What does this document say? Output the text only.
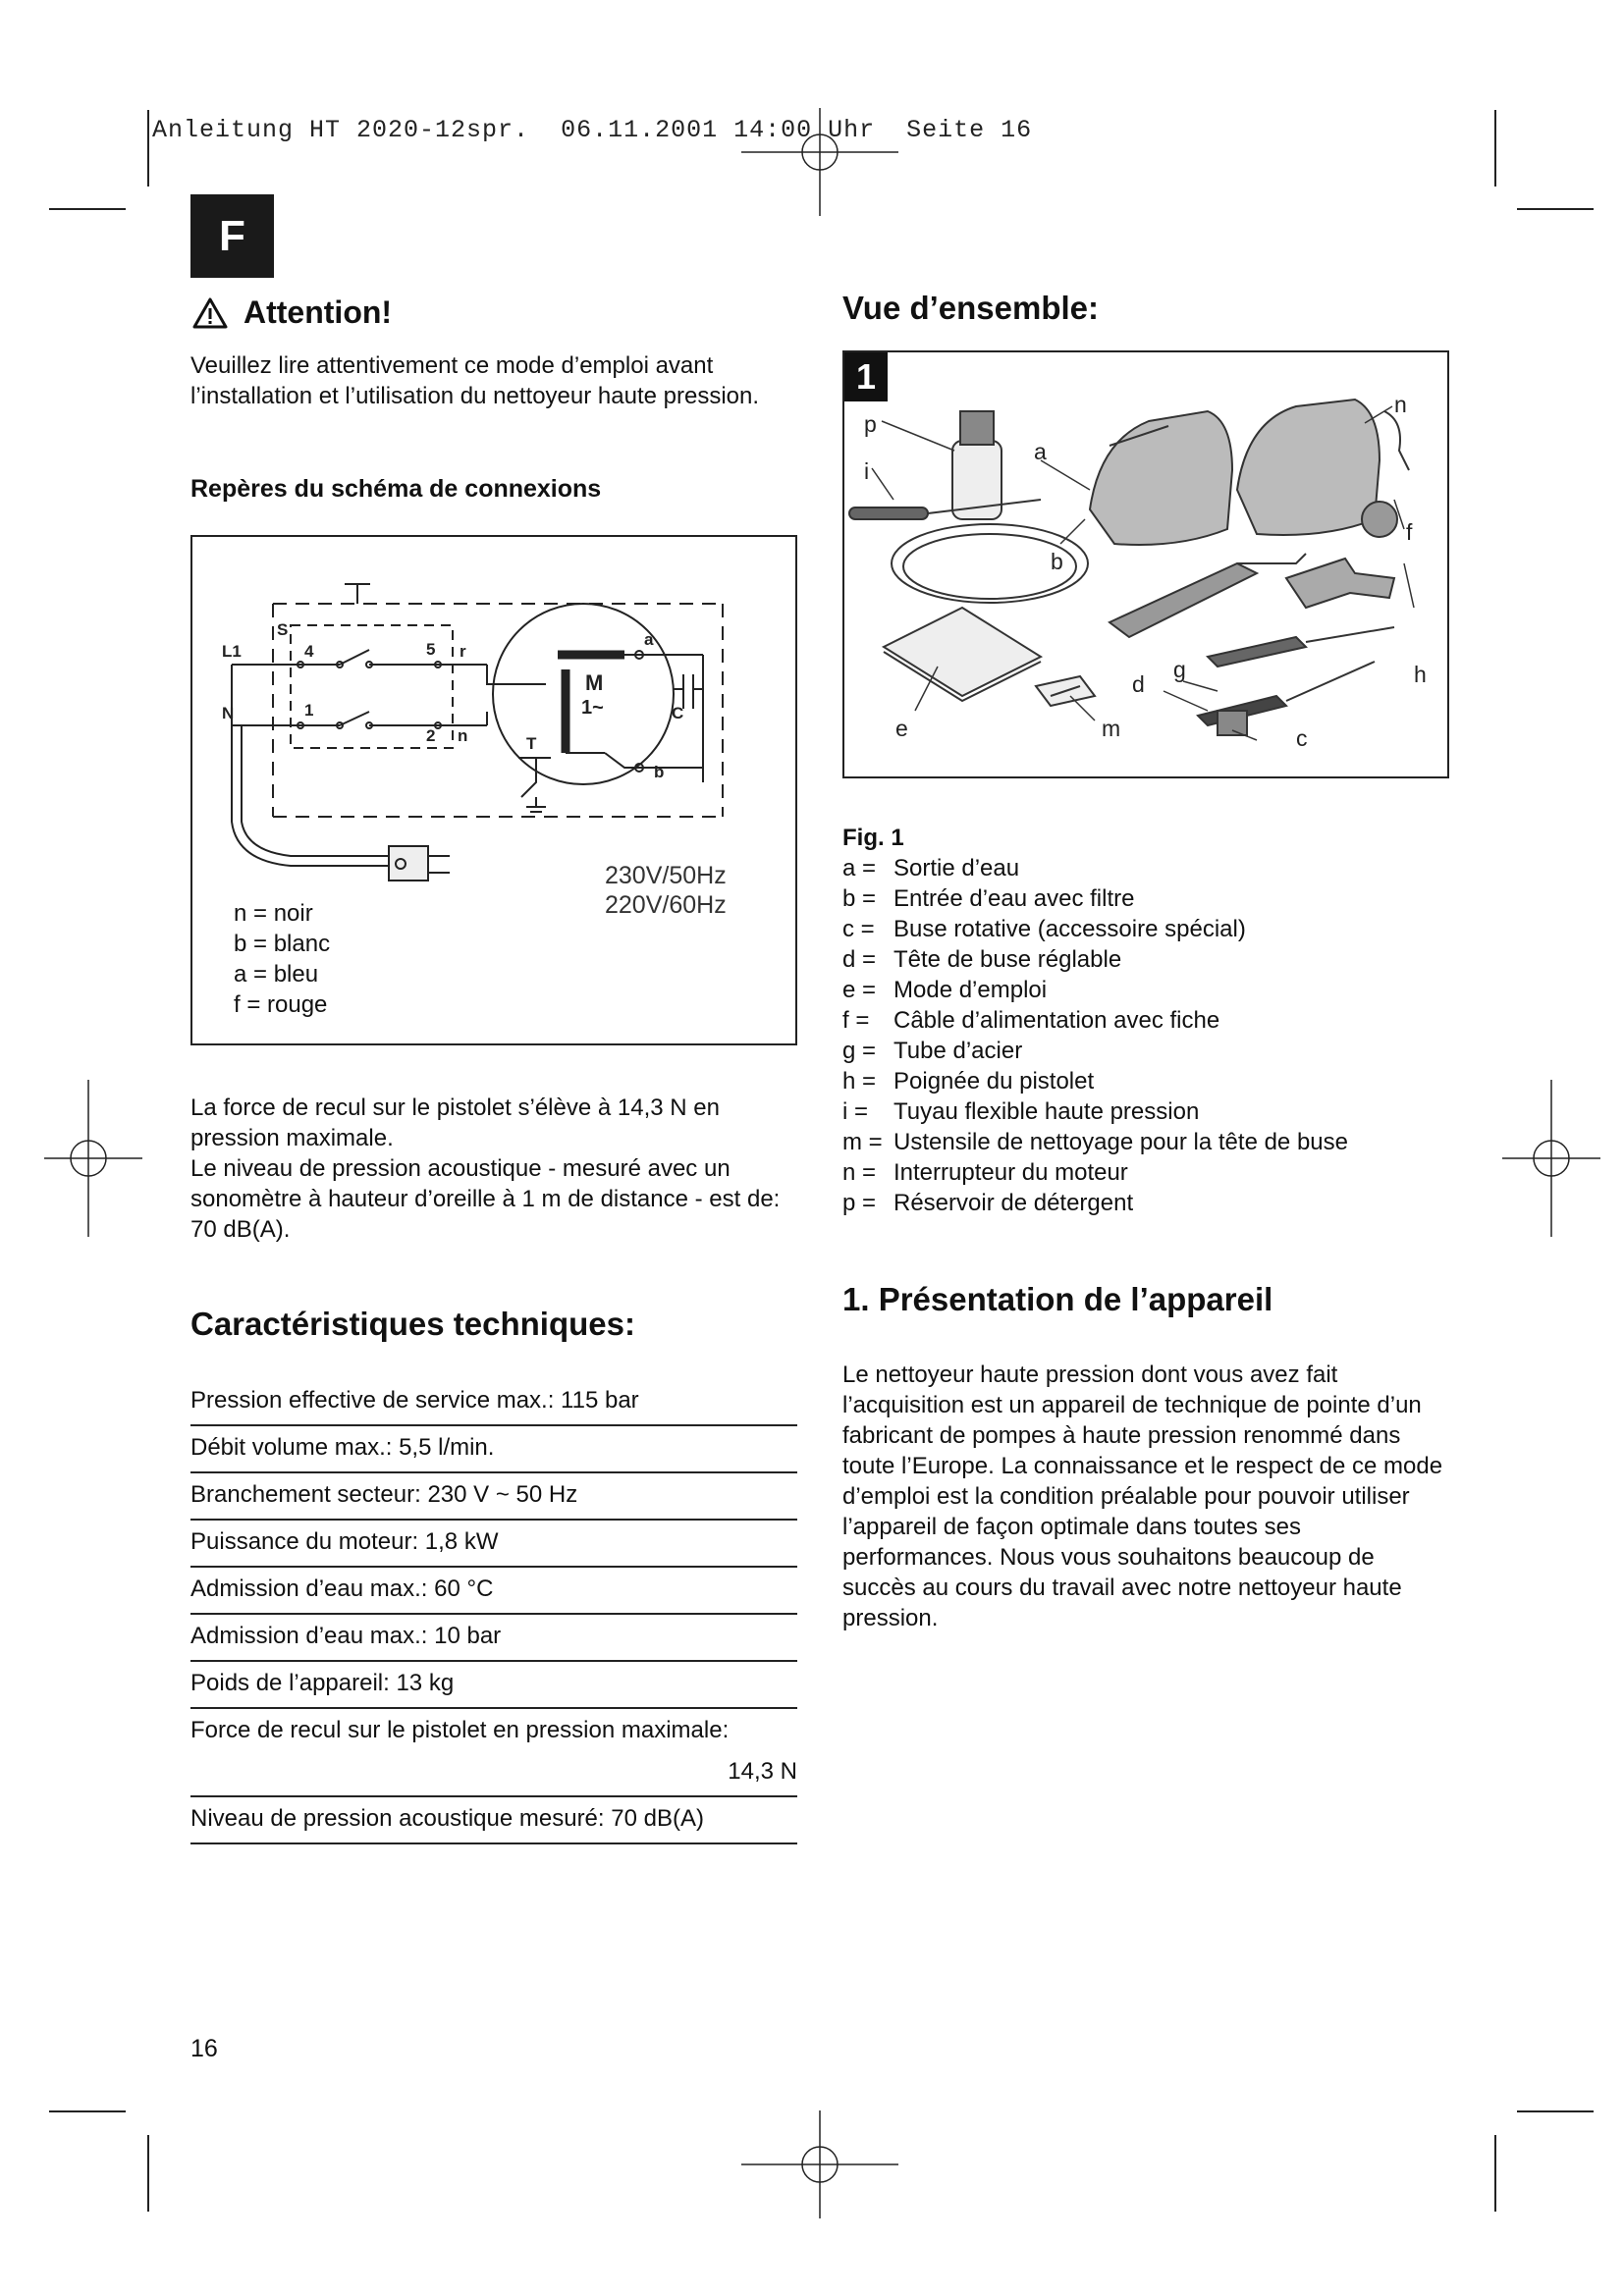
Anleitung HT 2020-12spr.  06.11.2001 14:00 Uhr  Seite 16
F
Attention!
Veuillez lire attentivement ce mode d’emploi avant l’installation et l’utilisation du nettoyeur haute pression.
Repères du schéma de connexions
L1
N
S
4
1
5
2
r
n
a
b
C
T
M
1~
230V/50Hz
220V/60Hz
n = noir
b = blanc
a = bleu
f = rouge
La force de recul sur le pistolet s’élève à 14,3 N en pression maximale.
Le niveau de pression acoustique - mesuré avec un sonomètre à hauteur d’oreille à 1 m de distance - est de: 70 dB(A).
Caractéristiques techniques:
Pression effective de service max.: 115 bar
Débit volume max.: 5,5 l/min.
Branchement secteur: 230 V ~ 50 Hz
Puissance du moteur: 1,8 kW
Admission d’eau max.: 60 °C
Admission d’eau max.: 10 bar
Poids de l’appareil: 13 kg
Force de recul sur le pistolet en pression maximale:
14,3 N
Niveau de pression acoustique mesuré: 70 dB(A)
Vue d’ensemble:
1
p
i
a
b
n
f
d
g	h
e	m	c
Fig. 1
a = Sortie d’eau
b = Entrée d’eau avec filtre
c = Buse rotative (accessoire spécial)
d = Tête de buse réglable
e = Mode d’emploi
f =	Câble d’alimentation avec fiche
g = Tube d’acier
h = Poignée du pistolet
i =	Tuyau flexible haute pression
m = Ustensile de nettoyage pour la tête de buse
n = Interrupteur du moteur
p = Réservoir de détergent
1. Présentation de l’appareil
Le nettoyeur haute pression dont vous avez fait l’acquisition est un appareil de technique de pointe d’un fabricant de pompes à haute pression renommé dans toute l’Europe. La connaissance et le respect de ce mode d’emploi est la condition préalable pour pouvoir utiliser l’appareil de façon optimale dans toutes ses performances. Nous vous souhaitons beaucoup de succès au cours du travail avec notre nettoyeur haute pression.
16
